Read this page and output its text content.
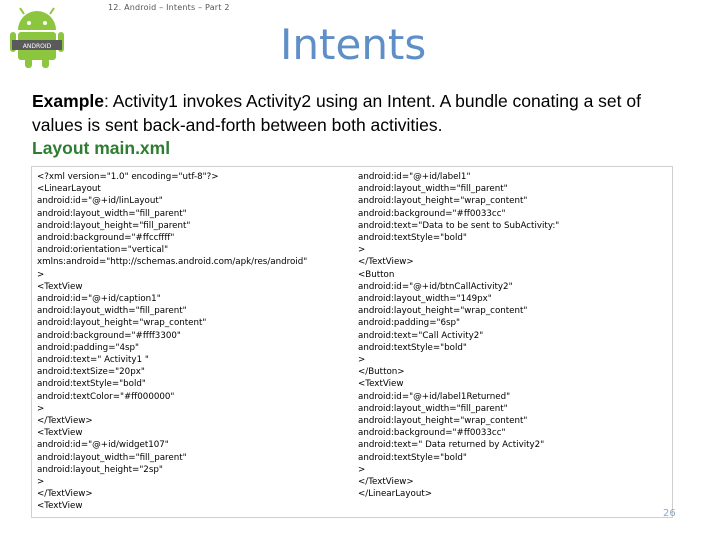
ANDROID
12. Android – Intents – Part 2
Intents
Example: Activity1 invokes Activity2 using an Intent. A bundle conating a set of values is sent back-and-forth between both activities.
Layout main.xml
<?xml version="1.0" encoding="utf-8"?>
<LinearLayout
android:id="@+id/linLayout"
android:layout_width="fill_parent"
android:layout_height="fill_parent"
android:background="#ffccffff"
android:orientation="vertical"
xmlns:android="http://schemas.android.com/apk/res/android"
>
<TextView
android:id="@+id/caption1"
android:layout_width="fill_parent"
android:layout_height="wrap_content"
android:background="#ffff3300"
android:padding="4sp"
android:text=" Activity1 "
android:textSize="20px"
android:textStyle="bold"
android:textColor="#ff000000"
>
</TextView>
<TextView
android:id="@+id/widget107"
android:layout_width="fill_parent"
android:layout_height="2sp"
>
</TextView>
<TextView
android:id="@+id/label1"
android:layout_width="fill_parent"
android:layout_height="wrap_content"
android:background="#ff0033cc"
android:text="Data to be sent to SubActivity:"
android:textStyle="bold"
>
</TextView>
<Button
android:id="@+id/btnCallActivity2"
android:layout_width="149px"
android:layout_height="wrap_content"
android:padding="6sp"
android:text="Call Activity2"
android:textStyle="bold"
>
</Button>
<TextView
android:id="@+id/label1Returned"
android:layout_width="fill_parent"
android:layout_height="wrap_content"
android:background="#ff0033cc"
android:text=" Data returned by Activity2"
android:textStyle="bold"
>
</TextView>
</LinearLayout>
26
